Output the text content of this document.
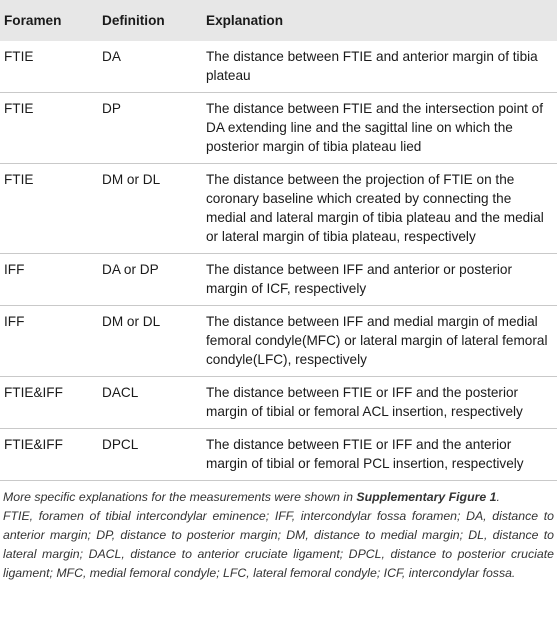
Foramen	Definition	Explanation
FTIE	DA	The distance between FTIE and anterior margin of tibia plateau
FTIE	DP	The distance between FTIE and the intersection point of DA extending line and the sagittal line on which the posterior margin of tibia plateau lied
FTIE	DM or DL	The distance between the projection of FTIE on the coronary baseline which created by connecting the medial and lateral margin of tibia plateau and the medial or lateral margin of tibia plateau, respectively
IFF	DA or DP	The distance between IFF and anterior or posterior margin of ICF, respectively
IFF	DM or DL	The distance between IFF and medial margin of medial femoral condyle(MFC) or lateral margin of lateral femoral condyle(LFC), respectively
FTIE&IFF	DACL	The distance between FTIE or IFF and the posterior margin of tibial or femoral ACL insertion, respectively
FTIE&IFF	DPCL	The distance between FTIE or IFF and the anterior margin of tibial or femoral PCL insertion, respectively

More specific explanations for the measurements were shown in Supplementary Figure 1.

FTIE, foramen of tibial intercondylar eminence; IFF, intercondylar fossa foramen; DA, distance to anterior margin; DP, distance to posterior margin; DM, distance to medial margin; DL, distance to lateral margin; DACL, distance to anterior cruciate ligament; DPCL, distance to posterior cruciate ligament; MFC, medial femoral condyle; LFC, lateral femoral condyle; ICF, intercondylar fossa.
